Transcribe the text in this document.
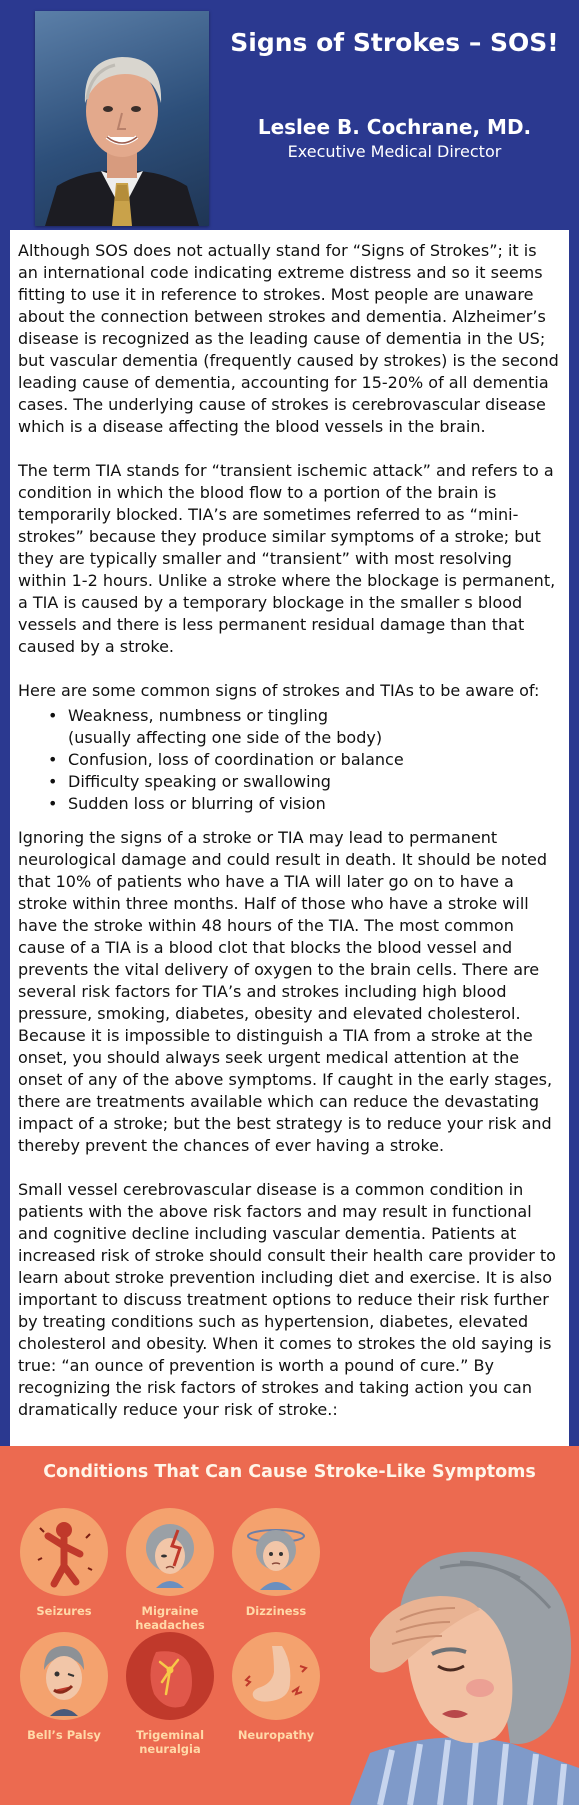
Signs of Strokes – SOS!
Leslee B. Cochrane, MD.
Executive Medical Director

Although SOS does not actually stand for “Signs of Strokes”; it is an international code indicating extreme distress and so it seems fitting to use it in reference to strokes. Most people are unaware about the connection between strokes and dementia. Alzheimer’s disease is recognized as the leading cause of dementia in the US; but vascular dementia (frequently caused by strokes) is the second leading cause of dementia, accounting for 15-20% of all dementia cases. The underlying cause of strokes is cerebrovascular disease which is a disease affecting the blood vessels in the brain.

The term TIA stands for “transient ischemic attack” and refers to a condition in which the blood flow to a portion of the brain is temporarily blocked. TIA’s are sometimes referred to as “mini-strokes” because they produce similar symptoms of a stroke; but they are typically smaller and “transient” with most resolving within 1-2 hours. Unlike a stroke where the blockage is permanent, a TIA is caused by a temporary blockage in the smaller s blood vessels and there is less permanent residual damage than that caused by a stroke.

Here are some common signs of strokes and TIAs to be aware of:

• Weakness, numbness or tingling
(usually affecting one side of the body)
• Confusion, loss of coordination or balance
• Difficulty speaking or swallowing
• Sudden loss or blurring of vision

Ignoring the signs of a stroke or TIA may lead to permanent neurological damage and could result in death. It should be noted that 10% of patients who have a TIA will later go on to have a stroke within three months. Half of those who have a stroke will have the stroke within 48 hours of the TIA. The most common cause of a TIA is a blood clot that blocks the blood vessel and prevents the vital delivery of oxygen to the brain cells. There are several risk factors for TIA’s and strokes including high blood pressure, smoking, diabetes, obesity and elevated cholesterol. Because it is impossible to distinguish a TIA from a stroke at the onset, you should always seek urgent medical attention at the onset of any of the above symptoms. If caught in the early stages, there are treatments available which can reduce the devastating impact of a stroke; but the best strategy is to reduce your risk and thereby prevent the chances of ever having a stroke.

Small vessel cerebrovascular disease is a common condition in patients with the above risk factors and may result in functional and cognitive decline including vascular dementia. Patients at increased risk of stroke should consult their health care provider to learn about stroke prevention including diet and exercise. It is also important to discuss treatment options to reduce their risk further by treating conditions such as hypertension, diabetes, elevated cholesterol and obesity. When it comes to strokes the old saying is true: “an ounce of prevention is worth a pound of cure.” By recognizing the risk factors of strokes and taking action you can dramatically reduce your risk of stroke.:

Conditions That Can Cause Stroke-Like Symptoms
Seizures	Migraine headaches
Dizziness
Bell’s Palsy	Trigeminal neuralgia
Neuropathy
